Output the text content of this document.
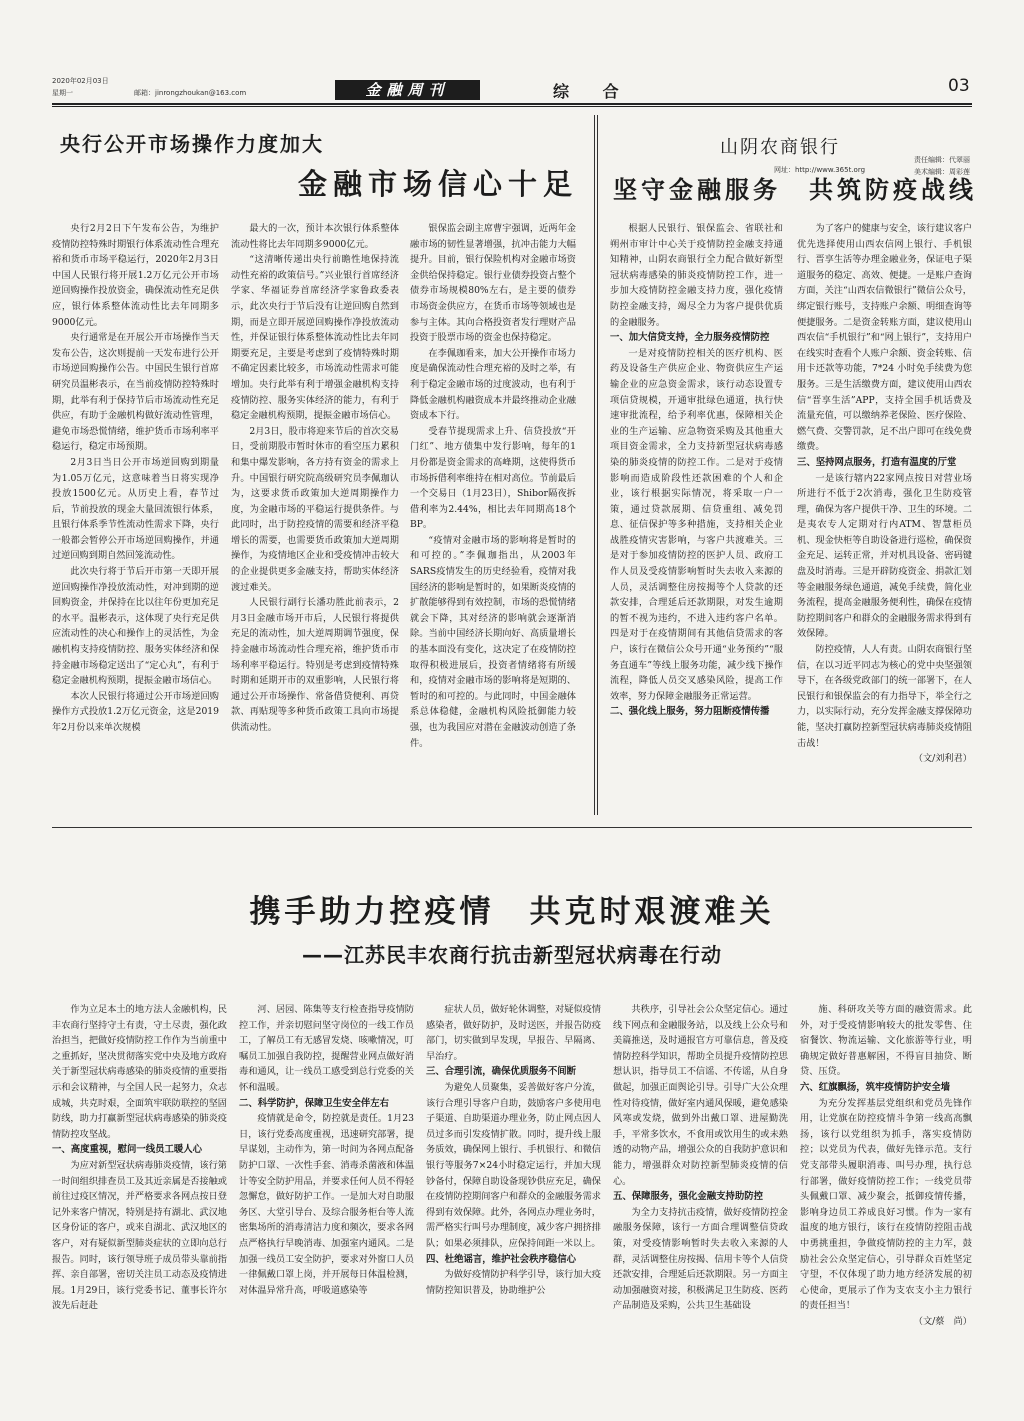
2020年02月03日
星期一	邮箱：jinrongzhoukan@163.com
网址：http://www.365t.org
责任编辑：代翠丽
美术编辑：周彩莲
金融周刊	综 合	03
央行公开市场操作力度加大
金融市场信心十足

央行2月2日下午发布公告，为维护疫情防控特殊时期银行体系流动性合理充裕和货币市场平稳运行，2020年2月3日中国人民银行将开展1.2万亿元公开市场逆回购操作投放资金，确保流动性充足供应，银行体系整体流动性比去年同期多9000亿元。

央行通常是在开展公开市场操作当天发布公告，这次则提前一天发布进行公开市场逆回购操作公告。中国民生银行首席研究员温彬表示，在当前疫情防控特殊时期，此举有利于保持节后市场流动性充足供应，有助于金融机构做好流动性管理，避免市场恐慌情绪，维护货币市场利率平稳运行，稳定市场预期。

2月3日当日公开市场逆回购到期量为1.05万亿元，这意味着当日将实现净投放1500亿元。从历史上看，春节过后，节前投放的现金大量回流银行体系，且银行体系季节性流动性需求下降，央行一般都会暂停公开市场逆回购操作，并通过逆回购到期自然回笼流动性。

此次央行将于节后开市第一天即开展逆回购操作净投放流动性，对冲到期的逆回购资金，并保持在比以往年份更加充足的水平。温彬表示，这体现了央行充足供应流动性的决心和操作上的灵活性，为金融机构支持疫情防控、服务实体经济和保持金融市场稳定送出了“定心丸”，有利于稳定金融机构预期，提振金融市场信心。

本次人民银行将通过公开市场逆回购操作方式投放1.2万亿元资金，这是2019年2月份以来单次规模

最大的一次，预计本次银行体系整体流动性将比去年同期多9000亿元。

“这清晰传递出央行前瞻性地保持流动性充裕的政策信号。”兴业银行首席经济学家、华福证券首席经济学家鲁政委表示，此次央行于节后没有让逆回购自然到期，而是立即开展逆回购操作净投放流动性，并保证银行体系整体流动性比去年同期要充足，主要是考虑到了疫情特殊时期不确定因素比较多，市场流动性需求可能增加。央行此举有利于增强金融机构支持疫情防控、服务实体经济的能力，有利于稳定金融机构预期，提振金融市场信心。

2月3日，股市将迎来节后的首次交易日，受前期股市暂时休市的看空压力累积和集中爆发影响，各方持有资金的需求上升。中国银行研究院高级研究员李佩珈认为，这要求货币政策加大逆周期操作力度，为金融市场的平稳运行提供条件。与此同时，出于防控疫情的需要和经济平稳增长的需要，也需要货币政策加大逆周期操作，为疫情地区企业和受疫情冲击较大的企业提供更多金融支持，帮助实体经济渡过难关。

人民银行副行长潘功胜此前表示，2月3日金融市场开市后，人民银行将提供充足的流动性，加大逆周期调节强度，保持金融市场流动性合理充裕，维护货币市场利率平稳运行。特别是考虑到疫情特殊时期和延期开市的双重影响，人民银行将通过公开市场操作、常备借贷便利、再贷款、再贴现等多种货币政策工具向市场提供流动性。

银保监会副主席曹宇强调，近两年金融市场的韧性显著增强，抗冲击能力大幅提升。目前，银行保险机构对金融市场资金供给保持稳定。银行业债券投资占整个债券市场规模80%左右，是主要的债券市场资金供应方，在货币市场等领域也是参与主体。其向合格投资者发行理财产品投资于股票市场的资金也保持稳定。

在李佩珈看来，加大公开操作市场力度是确保流动性合理充裕的及时之举，有利于稳定金融市场的过度波动，也有利于降低金融机构融资成本并最终推动企业融资成本下行。

受春节提现需求上升、信贷投放“开门红”、地方债集中发行影响，每年的1月份都是资金需求的高峰期，这使得货币市场拆借利率维持在相对高位。节前最后一个交易日（1月23日），Shibor隔夜拆借利率为2.44%，相比去年同期高18个BP。

“疫情对金融市场的影响将是暂时的和可控的。”李佩珈指出，从2003年SARS疫情发生的历史经验看，疫情对我国经济的影响是暂时的，如果断炎疫情的扩散能够得到有效控制，市场的恐慌情绪就会下降，其对经济的影响就会逐渐消除。当前中国经济长期向好、高质量增长的基本面没有变化，这决定了在疫情防控取得积极进展后，投资者情绪将有所缓和，疫情对金融市场的影响将是短期的、暂时的和可控的。与此同时，中国金融体系总体稳健，金融机构风险抵御能力较强，也为我国应对潜在金融波动创造了条件。

山阴农商银行
坚守金融服务　共筑防疫战线

根据人民银行、银保监会、省联社和朔州市审计中心关于疫情防控金融支持通知精神，山阴农商银行全力配合做好新型冠状病毒感染的肺炎疫情防控工作，进一步加大疫情防控金融支持力度，强化疫情防控金融支持，竭尽全力为客户提供优质的金融服务。

一、加大信贷支持，全力服务疫情防控

一是对疫情防控相关的医疗机构、医药及设备生产供应企业、物资供应生产运输企业的应急资金需求，该行动态设置专项信贷规模，开通审批绿色通道，执行快速审批流程，给予利率优惠，保障相关企业的生产运输、应急物资采购及其他重大项目资金需求，全力支持新型冠状病毒感染的肺炎疫情的防控工作。二是对于疫情影响而造成阶段性还款困难的个人和企业，该行根据实际情况，将采取一户一策，通过贷款展期、信贷重组、减免罚息、征信保护等多种措施，支持相关企业战胜疫情灾害影响，与客户共渡难关。三是对于参加疫情防控的医护人员、政府工作人员及受疫情影响暂时失去收入来源的人员，灵活调整住房按揭等个人贷款的还款安排，合理延后还款期限，对发生逾期的暂不视为违约，不进入违约客户名单。四是对于在疫情期间有其他信贷需求的客户，该行在微信公众号开通“业务预约”“服务直通车”等线上服务功能，减少线下操作流程，降低人员交叉感染风险，提高工作效率，努力保障金融服务正常运营。

二、强化线上服务，努力阻断疫情传播

为了客户的健康与安全，该行建议客户优先选择使用山西农信网上银行、手机银行、晋享生活等办理金融业务，保证电子渠道服务的稳定、高效、便捷。一是账户查询方面，关注“山西农信微银行”微信公众号，绑定银行账号，支持账户余额、明细查询等便捷服务。二是资金转账方面，建议使用山西农信“手机银行”和“网上银行”，支持用户在线实时查看个人账户余额、资金转账、信用卡还款等功能，7*24 小时免手续费为您服务。三是生活缴费方面，建议使用山西农信“晋享生活”APP，支持全国手机话费及流量充值，可以缴纳养老保险、医疗保险、燃气费、交警罚款，足不出户即可在线免费缴费。

三、坚持网点服务，打造有温度的厅堂

一是该行辖内22家网点按日对营业场所进行不低于2次消毒，强化卫生防疫管理，确保为客户提供干净、卫生的环境。二是夷农专人定期对行内ATM、智慧柜员机、现金快柜等自助设备进行巡检，确保资金充足、运转正常，并对机具设备、密码键盘及时消毒。三是开辟防疫资金、捐款汇划等金融服务绿色通道，减免手续费，简化业务流程，提高金融服务便利性，确保在疫情防控期间客户和群众的金融服务需求得到有效保障。

防控疫情，人人有责。山阴农商银行坚信，在以习近平同志为核心的党中央坚强领导下，在各级党政部门的统一部署下，在人民银行和银保监会的有力指导下，举全行之力，以实际行动，充分发挥金融支撑保障功能，坚决打赢防控新型冠状病毒肺炎疫情阻击战！

（文/刘利君）

携手助力控疫情　共克时艰渡难关
——江苏民丰农商行抗击新型冠状病毒在行动

作为立足本土的地方法人金融机构，民丰农商行坚持守土有责，守土尽责，强化政治担当，把做好疫情防控工作作为当前重中之重抓好，坚决贯彻落实党中央及地方政府关于新型冠状病毒感染的肺炎疫情的重要指示和会议精神，与全国人民一起努力，众志成城，共克时艰，全面筑牢联防联控的坚固防线，助力打赢新型冠状病毒感染的肺炎疫情防控攻坚战。

一、高度重视，慰问一线员工暖人心

为应对新型冠状病毒肺炎疫情，该行第一时间组织排查员工及其近亲属是否接触或前往过疫区情况，并严格要求各网点按日登记外来客户情况，特别是持有湖北、武汉地区身份证的客户，或来自湖北、武汉地区的客户，对有疑似新型肺炎症状的立即向总行报告。同时，该行领导班子成员带头靠前指挥、亲自部署，密切关注员工动态及疫情进展。1月29日，该行党委书记、董事长许尔波先后赶赴

河、居园、陈集等支行检查指导疫情防控工作，并亲切慰问坚守岗位的一线工作员工，了解员工有无感冒发烧、咳嗽情况，叮嘱员工加强自我防控，提醒营业网点做好消毒和通风，让一线员工感受到总行党委的关怀和温暖。

二、科学防护，保障卫生安全伴左右

疫情就是命令，防控就是责任。1月23日，该行党委高度重视，迅速研究部署，提早谋划，主动作为，第一时间为各网点配备防护口罩、一次性手套、消毒杀菌液和体温计等安全防护用品，并要求任何人员不得轻忽懈怠，做好防护工作。一是加大对自助服务区、大堂引导台、及综合服务柜台等人流密集场所的消毒清洁力度和频次，要求各网点严格执行早晚消毒、加强室内通风。二是加强一线员工安全防护，要求对外窗口人员一律佩戴口罩上岗，并开展每日体温检测，对体温异常升高，呼吸道感染等

症状人员，做好轮休调整，对疑似疫情感染者，做好防护，及时送医，并报告防疫部门，切实做到早发现，早报告、早隔离、早治疗。

三、合理引流，确保优质服务不间断

为避免人员聚集，妥善做好客户分流，该行合理引导客户自助，鼓励客户多使用电子渠道、自助渠道办理业务，防止网点因人员过多而引发疫情扩散。同时，提升线上服务质效，确保网上银行、手机银行、和微信银行等服务7×24小时稳定运行，并加大现钞备付，保障自助设备现钞供应充足，确保在疫情防控期间客户和群众的金融服务需求得到有效保障。此外，各网点办理业务时，需严格实行叫号办理制度，减少客户拥挤排队；如果必须排队，应保持间距一米以上。

四、杜绝谣言，维护社会秩序稳信心

为做好疫情防护科学引导，该行加大疫情防控知识普及，协助维护公

共秩序，引导社会公众坚定信心。通过线下网点和金融服务站，以及线上公众号和美篇推送，及时通报官方可靠信息，普及疫情防控科学知识，帮助全员提升疫情防控思想认识，指导员工不信谣、不传谣，从自身做起，加强正面舆论引导。引导广大公众理性对待疫情，做好室内通风保暖，避免感染风寒或发烧，做到外出戴口罩、进屋勤洗手，平常多饮水，不食用或饮用生的或未熟透的动物产品，增强公众的自我防护意识和能力，增强群众对防控新型肺炎疫情的信心。

五、保障服务，强化金融支持助防控

为全力支持抗击疫情，做好疫情防控金融服务保障，该行一方面合理调整信贷政策，对受疫情影响暂时失去收入来源的人群，灵活调整住房按揭、信用卡等个人信贷还款安排，合理延后还款期限。另一方面主动加强融资对接，积极满足卫生防疫、医药产品制造及采购，公共卫生基础设

施、科研攻关等方面的融资需求。此外，对于受疫情影响较大的批发零售、住宿餐饮、物流运输、文化旅游等行业，明确规定做好普惠解困，不得盲目抽贷、断贷、压贷。

六、红旗飘扬，筑牢疫情防护安全墙

为充分发挥基层党组织和党员先锋作用，让党旗在防控疫情斗争第一线高高飘扬，该行以党组织为抓手，落实疫情防控；以党员为代表，做好先锋示范。支行党支部带头履职消毒、叫号办理，执行总行部署，做好疫情防控工作；一线党员带头佩戴口罩、减少聚会，抵御疫情传播，影响身边员工养成良好习惯。作为一家有温度的地方银行，该行在疫情防控阻击战中勇挑重担，争做疫情防控的主力军，鼓励社会公众坚定信心，引导群众百姓坚定守望，不仅体现了助力地方经济发展的初心使命，更展示了作为支农支小主力银行的责任担当！

（文/蔡　尚）
